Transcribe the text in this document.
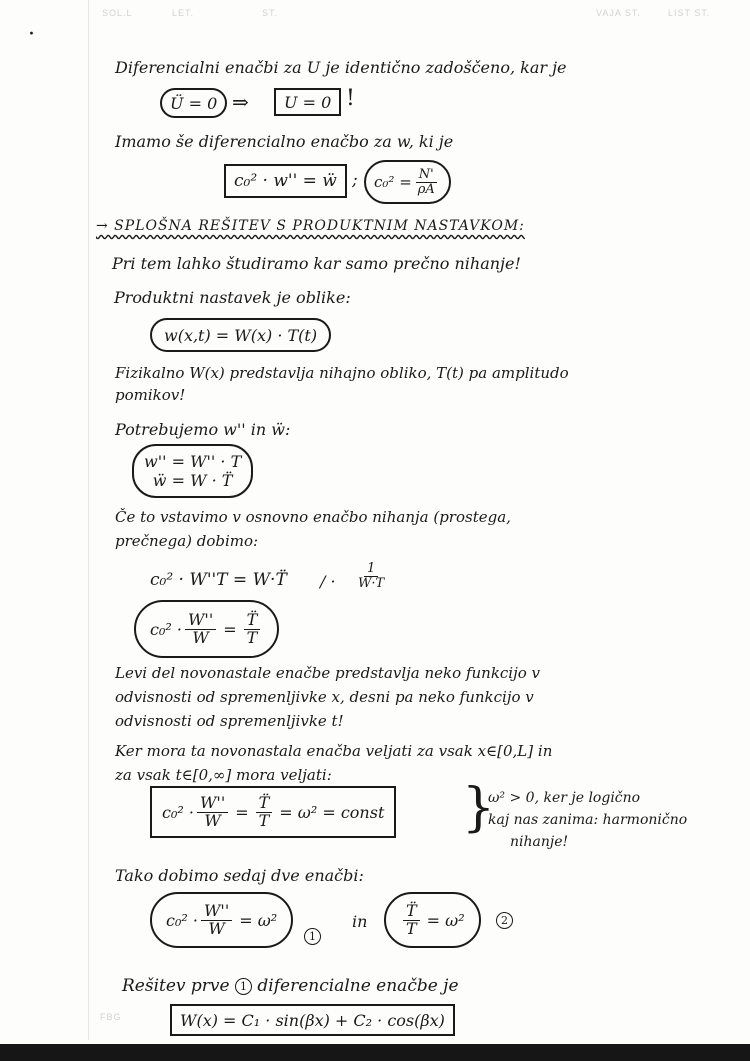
SOL.L	LET.	ST.	VAJA ST.	LIST ST.
FBG
·
Diferencialni enačbi za U je identično zadoščeno, kar je
Ü = 0 ⇒ U = 0 !
Imamo še diferencialno enačbo za w, ki je
c₀² · w'' = ẅ ; $c_0^2 = \frac{N'}{\rho A}$
→ SPLOŠNA REŠITEV S PRODUKTNIM NASTAVKOM:
Pri tem lahko študiramo kar samo prečno nihanje!
Produktni nastavek je oblike:
w(x,t) = W(x) · T(t)
Fizikalno W(x) predstavlja nihajno obliko, T(t) pa amplitudo
pomikov!
Potrebujemo w'' in ẅ:
w'' = W'' · T
ẅ = W · T̈
Če to vstavimo v osnovno enačbo nihanja (prostega,
prečnega) dobimo:
c₀² · W''T = W·T̈ / · $\frac{1}{W\cdot T}$
$c_0^2 \cdot \frac{W''}{W} = \frac{T̈}{T}$
Levi del novonastale enačbe predstavlja neko funkcijo v
odvisnosti od spremenljivke x, desni pa neko funkcijo v
odvisnosti od spremenljivke t!
Ker mora ta novonastala enačba veljati za vsak x∈[0,L] in
za vsak t∈[0,∞] mora veljati:
$c_0^2 \cdot \frac{W''}{W} = \frac{T̈}{T} = \omega^2$ = const }
ω² > 0, ker je logično
kaj nas zanima: harmonično
nihanje!
Tako dobimo sedaj dve enačbi:
$c_0^2 \cdot \frac{W''}{W} = \omega^2$
1
in $\frac{T̈}{T} = \omega^2$	2
Rešitev prve 1 diferencialne enačbe je
W(x) = C₁ · sin(βx) + C₂ · cos(βx)
